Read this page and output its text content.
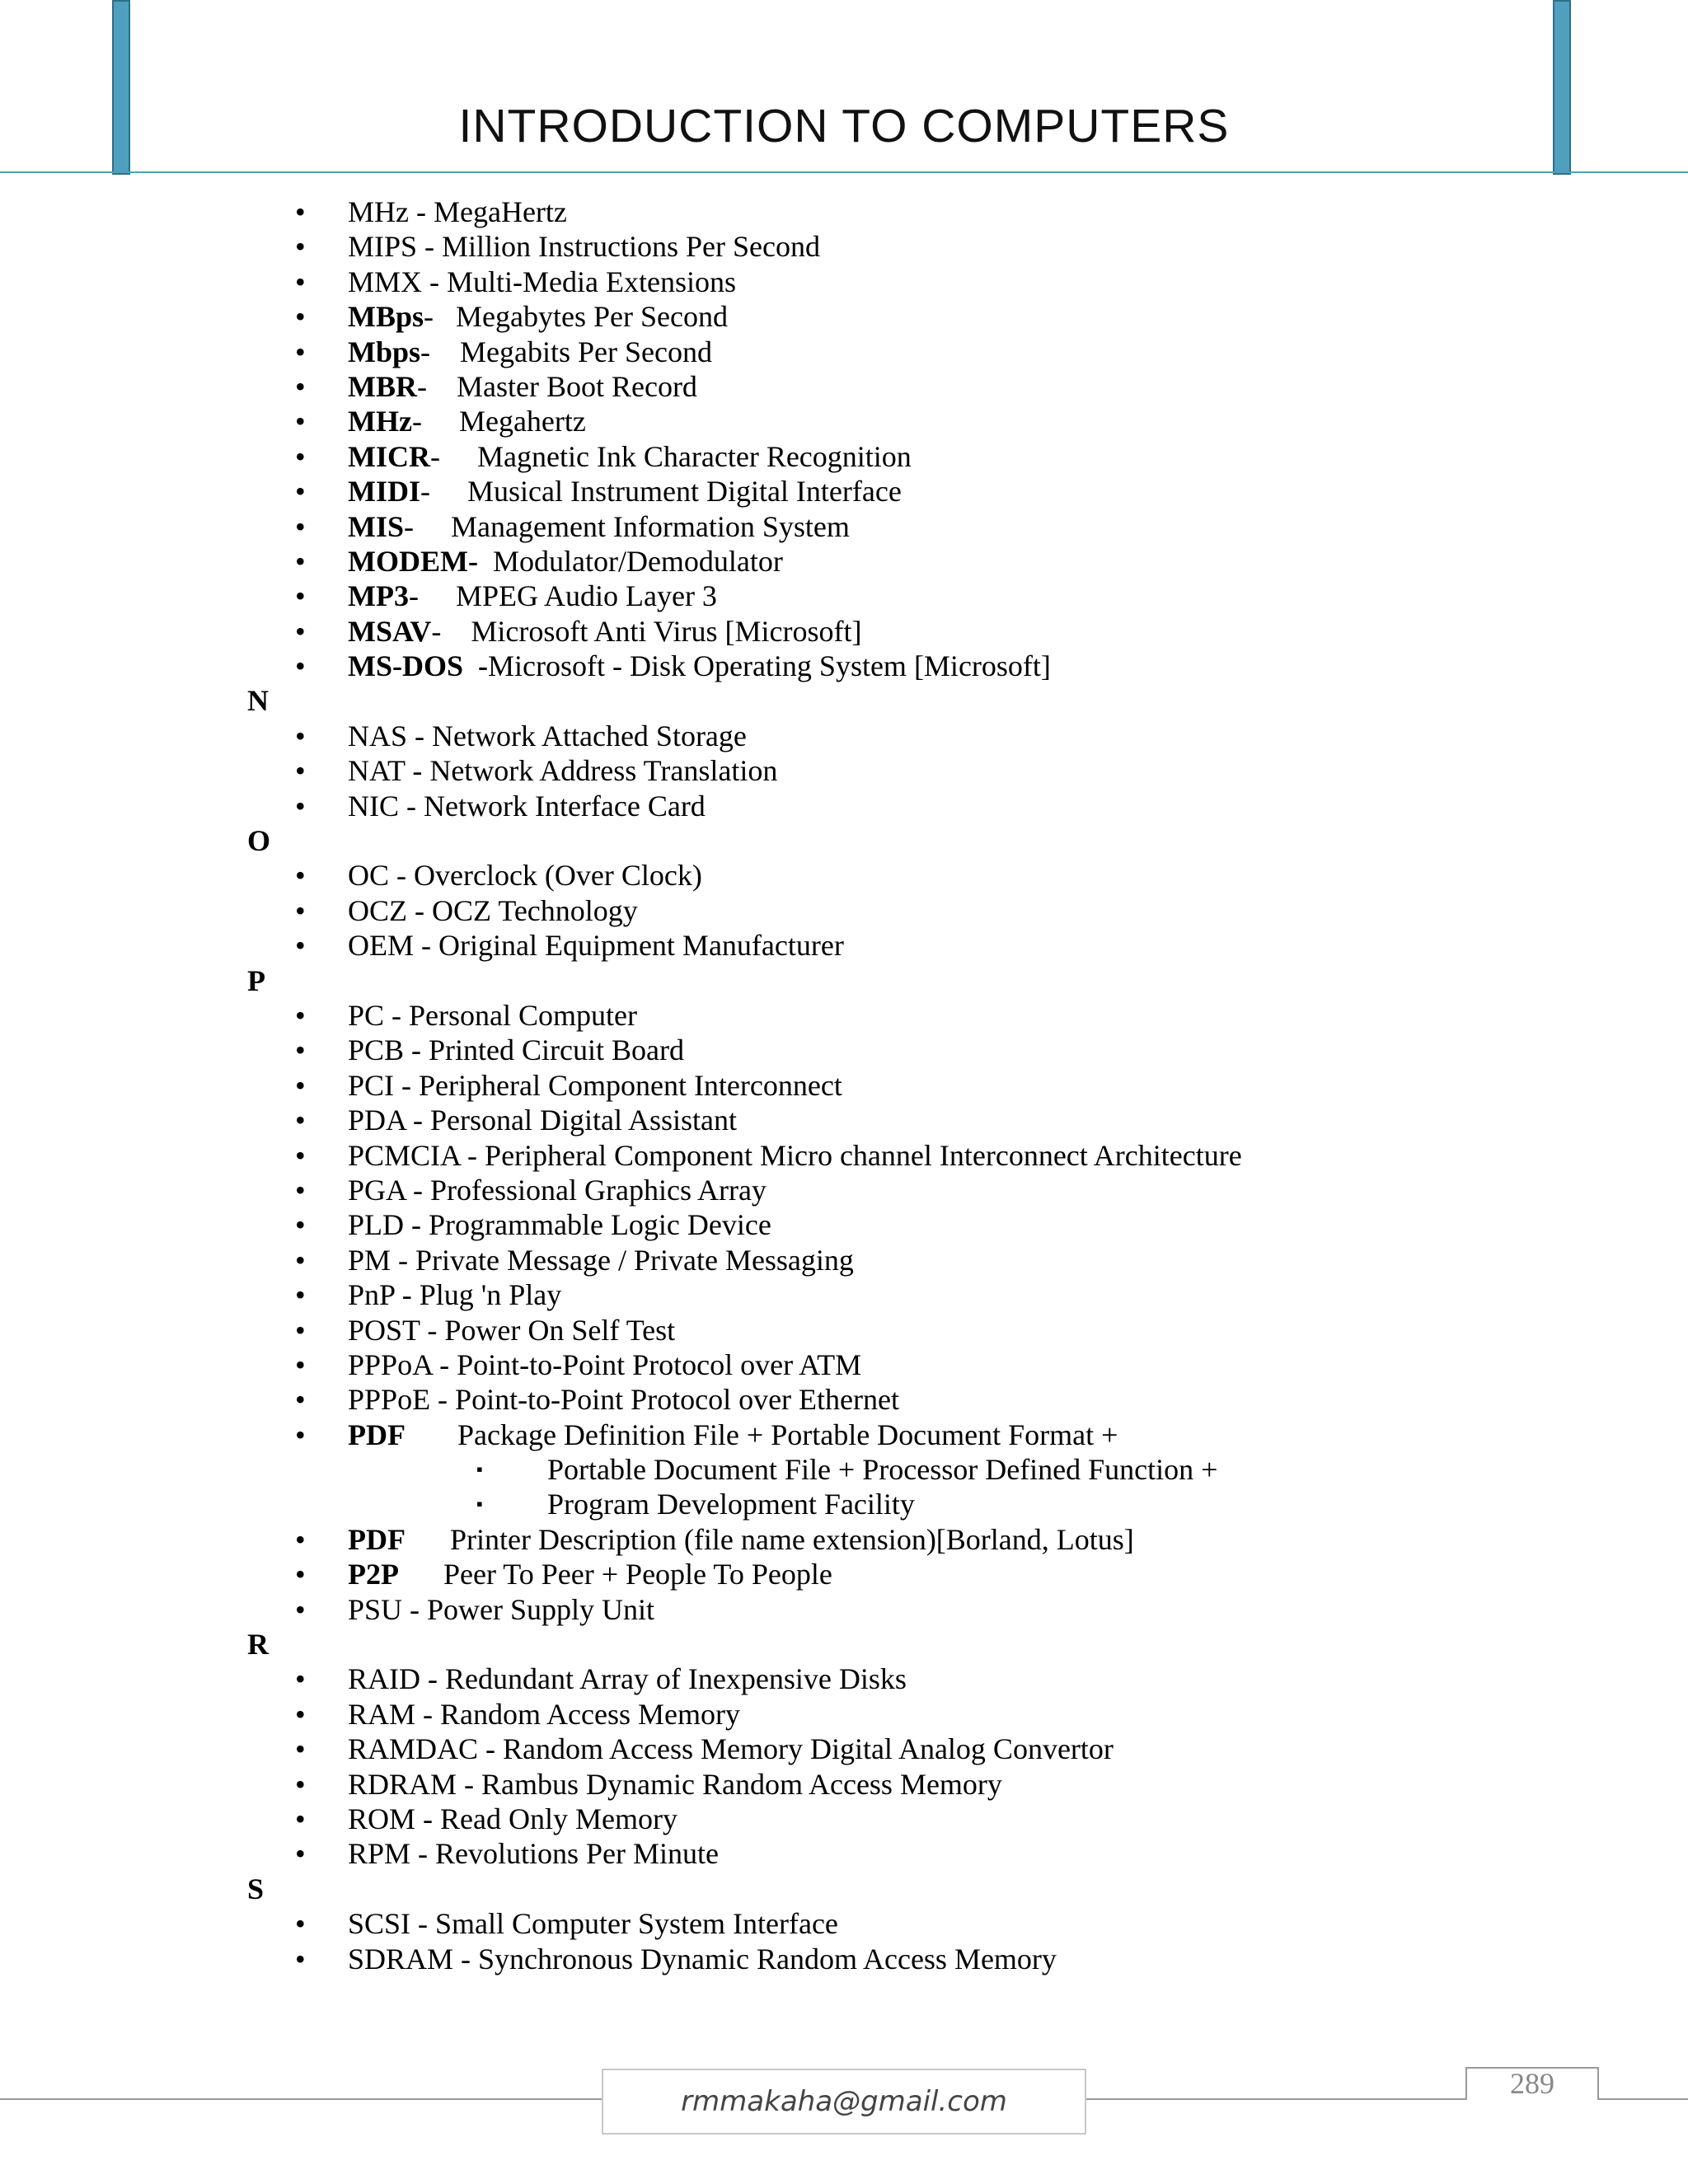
INTRODUCTION TO COMPUTERS
• MHz - MegaHertz
• MIPS - Million Instructions Per Second
• MMX - Multi-Media Extensions
• MBps-   Megabytes Per Second
• Mbps-    Megabits Per Second
• MBR-    Master Boot Record
• MHz-     Megahertz
• MICR-     Magnetic Ink Character Recognition
• MIDI-     Musical Instrument Digital Interface
• MIS-     Management Information System
• MODEM-  Modulator/Demodulator
• MP3-     MPEG Audio Layer 3
• MSAV-    Microsoft Anti Virus [Microsoft]
• MS-DOS  -Microsoft - Disk Operating System [Microsoft]
N
• NAS - Network Attached Storage
• NAT - Network Address Translation
• NIC - Network Interface Card
O
• OC - Overclock (Over Clock)
• OCZ - OCZ Technology
• OEM - Original Equipment Manufacturer
P
• PC - Personal Computer
• PCB - Printed Circuit Board
• PCI - Peripheral Component Interconnect
• PDA - Personal Digital Assistant
• PCMCIA - Peripheral Component Micro channel Interconnect Architecture
• PGA - Professional Graphics Array
• PLD - Programmable Logic Device
• PM - Private Message / Private Messaging
• PnP - Plug 'n Play
• POST - Power On Self Test
• PPPoA - Point-to-Point Protocol over ATM
• PPPoE - Point-to-Point Protocol over Ethernet
• PDF       Package Definition File + Portable Document Format +
▪ Portable Document File + Processor Defined Function +
▪ Program Development Facility
• PDF      Printer Description (file name extension)[Borland, Lotus]
• P2P      Peer To Peer + People To People
• PSU - Power Supply Unit
R
• RAID - Redundant Array of Inexpensive Disks
• RAM - Random Access Memory
• RAMDAC - Random Access Memory Digital Analog Convertor
• RDRAM - Rambus Dynamic Random Access Memory
• ROM - Read Only Memory
• RPM - Revolutions Per Minute
S
• SCSI - Small Computer System Interface
• SDRAM - Synchronous Dynamic Random Access Memory
rmmakaha@gmail.com
289
